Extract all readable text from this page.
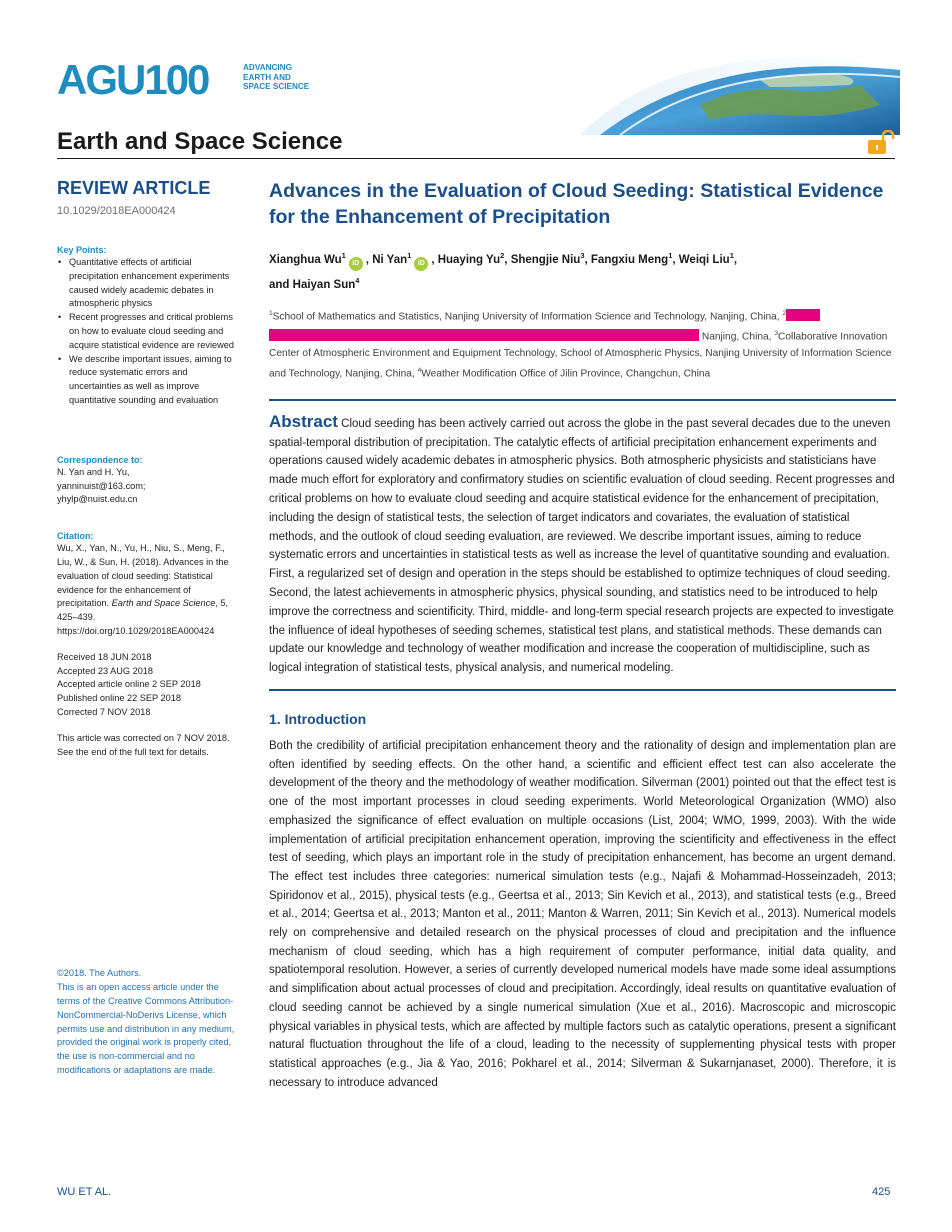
AGU100	ADVANCING
EARTH AND
SPACE SCIENCE
Earth and Space Science
REVIEW ARTICLE
10.1029/2018EA000424
Key Points:
• Quantitative effects of artificial precipitation enhancement experiments caused widely academic debates in atmospheric physics
• Recent progresses and critical problems on how to evaluate cloud seeding and acquire statistical evidence are reviewed
• We describe important issues, aiming to reduce systematic errors and uncertainties as well as improve quantitative sounding and evaluation
Correspondence to:
N. Yan and H. Yu,
yanninuist@163.com;
yhylp@nuist.edu.cn
Citation:
Wu, X., Yan, N., Yu, H., Niu, S., Meng, F., Liu, W., & Sun, H. (2018). Advances in the evaluation of cloud seeding: Statistical evidence for the enhancement of precipitation. Earth and Space Science, 5, 425–439. https://doi.org/10.1029/2018EA000424
Received 18 JUN 2018
Accepted 23 AUG 2018
Accepted article online 2 SEP 2018
Published online 22 SEP 2018
Corrected 7 NOV 2018
This article was corrected on 7 NOV 2018. See the end of the full text for details.
©2018. The Authors.
This is an open access article under the terms of the Creative Commons Attribution-NonCommercial-NoDerivs License, which permits use and distribution in any medium, provided the original work is properly cited, the use is non-commercial and no modifications or adaptations are made.
Advances in the Evaluation of Cloud Seeding: Statistical Evidence for the Enhancement of Precipitation
Xianghua Wu$^1$iD , Ni Yan$^1$iD , Huaying Yu$^2$, Shengjie Niu$^3$, Fangxiu Meng$^1$, Weiqi Liu$^1$,
and Haiyan Sun$^4$
$^1$School of Mathematics and Statistics, Nanjing University of Information Science and Technology, Nanjing, China, $^2$
Nanjing, China, $^3$Collaborative Innovation Center of Atmospheric Environment and Equipment Technology, School of Atmospheric Physics, Nanjing University of Information Science and Technology, Nanjing, China, $^4$Weather Modification Office of Jilin Province, Changchun, China
Abstract Cloud seeding has been actively carried out across the globe in the past several decades due to the uneven spatial-temporal distribution of precipitation. The catalytic effects of artificial precipitation enhancement experiments and operations caused widely academic debates in atmospheric physics. Both atmospheric physicists and statisticians have made much effort for exploratory and confirmatory studies on scientific evaluation of cloud seeding. Recent progresses and critical problems on how to evaluate cloud seeding and acquire statistical evidence for the enhancement of precipitation, including the design of statistical tests, the selection of target indicators and covariates, the evaluation of statistical methods, and the outlook of cloud seeding evaluation, are reviewed. We describe important issues, aiming to reduce systematic errors and uncertainties in statistical tests as well as increase the level of quantitative sounding and evaluation. First, a regularized set of design and operation in the steps should be established to optimize techniques of cloud seeding. Second, the latest achievements in atmospheric physics, physical sounding, and statistics need to be introduced to help improve the correctness and scientificity. Third, middle- and long-term special research projects are expected to investigate the influence of ideal hypotheses of seeding schemes, statistical test plans, and statistical methods. These demands can update our knowledge and technology of weather modification and increase the cooperation of multidiscipline, such as logical integration of statistical tests, physical analysis, and numerical modeling.
1. Introduction
Both the credibility of artificial precipitation enhancement theory and the rationality of design and implementation plan are often identified by seeding effects. On the other hand, a scientific and efficient effect test can also accelerate the development of the theory and the methodology of weather modification. Silverman (2001) pointed out that the effect test is one of the most important processes in cloud seeding experiments. World Meteorological Organization (WMO) also emphasized the significance of effect evaluation on multiple occasions (List, 2004; WMO, 1999, 2003). With the wide implementation of artificial precipitation enhancement operation, improving the scientificity and effectiveness in the effect test of seeding, which plays an important role in the study of precipitation enhancement, has become an urgent demand. The effect test includes three categories: numerical simulation tests (e.g., Najafi & Mohammad-Hosseinzadeh, 2013; Spiridonov et al., 2015), physical tests (e.g., Geertsa et al., 2013; Sin Kevich et al., 2013), and statistical tests (e.g., Breed et al., 2014; Geertsa et al., 2013; Manton et al., 2011; Manton & Warren, 2011; Sin Kevich et al., 2013). Numerical models rely on comprehensive and detailed research on the physical processes of cloud and precipitation and the influence mechanism of cloud seeding, which has a high requirement of computer performance, initial data quality, and spatiotemporal resolution. However, a series of currently developed numerical models have made some ideal assumptions and simplification about actual processes of cloud and precipitation. Accordingly, ideal results on quantitative evaluation of cloud seeding cannot be achieved by a single numerical simulation (Xue et al., 2016). Macroscopic and microscopic physical variables in physical tests, which are affected by multiple factors such as catalytic operations, present a significant natural fluctuation throughout the life of a cloud, leading to the necessity of supplementing physical tests with proper statistical approaches (e.g., Jia & Yao, 2016; Pokharel et al., 2014; Silverman & Sukarnjanaset, 2000). Therefore, it is necessary to introduce advanced
WU ET AL.	425
